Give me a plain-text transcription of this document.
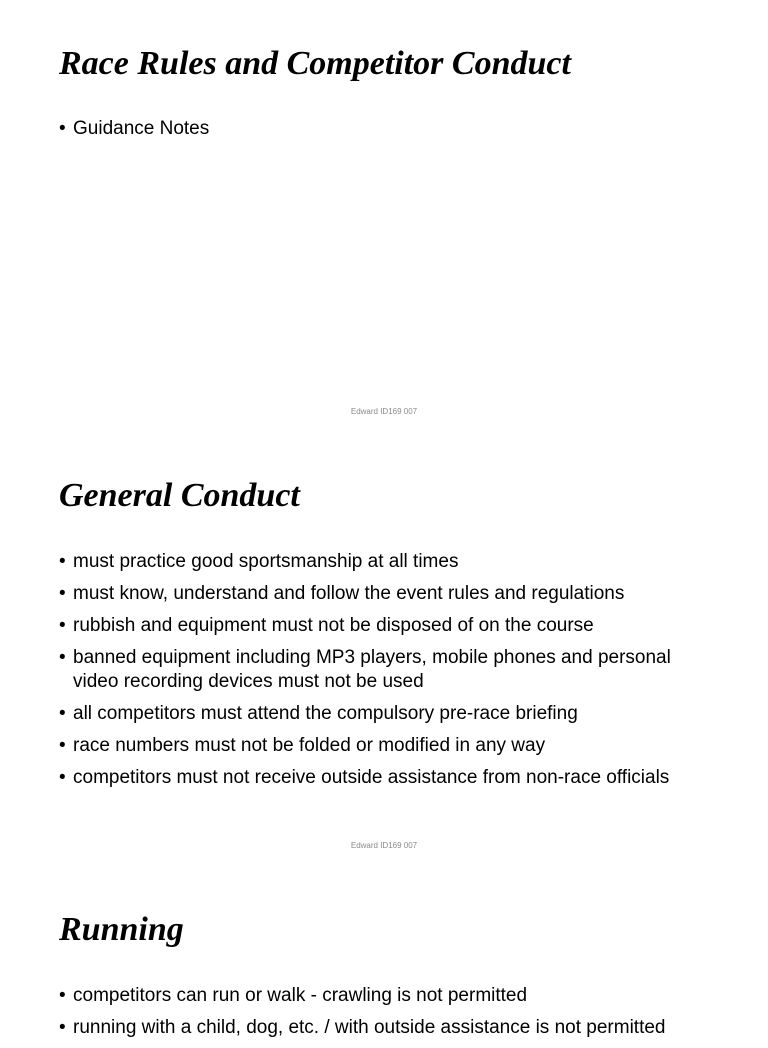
Race Rules and Competitor Conduct
• Guidance Notes
Edward ID169 007
General Conduct
• must practice good sportsmanship at all times
• must know, understand and follow the event rules and regulations
• rubbish and equipment must not be disposed of on the course
• banned equipment including MP3 players, mobile phones and personal video recording devices must not be used
• all competitors must attend the compulsory pre-race briefing
• race numbers must not be folded or modified in any way
• competitors must not receive outside assistance from non-race officials
Edward ID169 007
Running
• competitors can run or walk - crawling is not permitted
• running with a child, dog, etc. / with outside assistance is not permitted
